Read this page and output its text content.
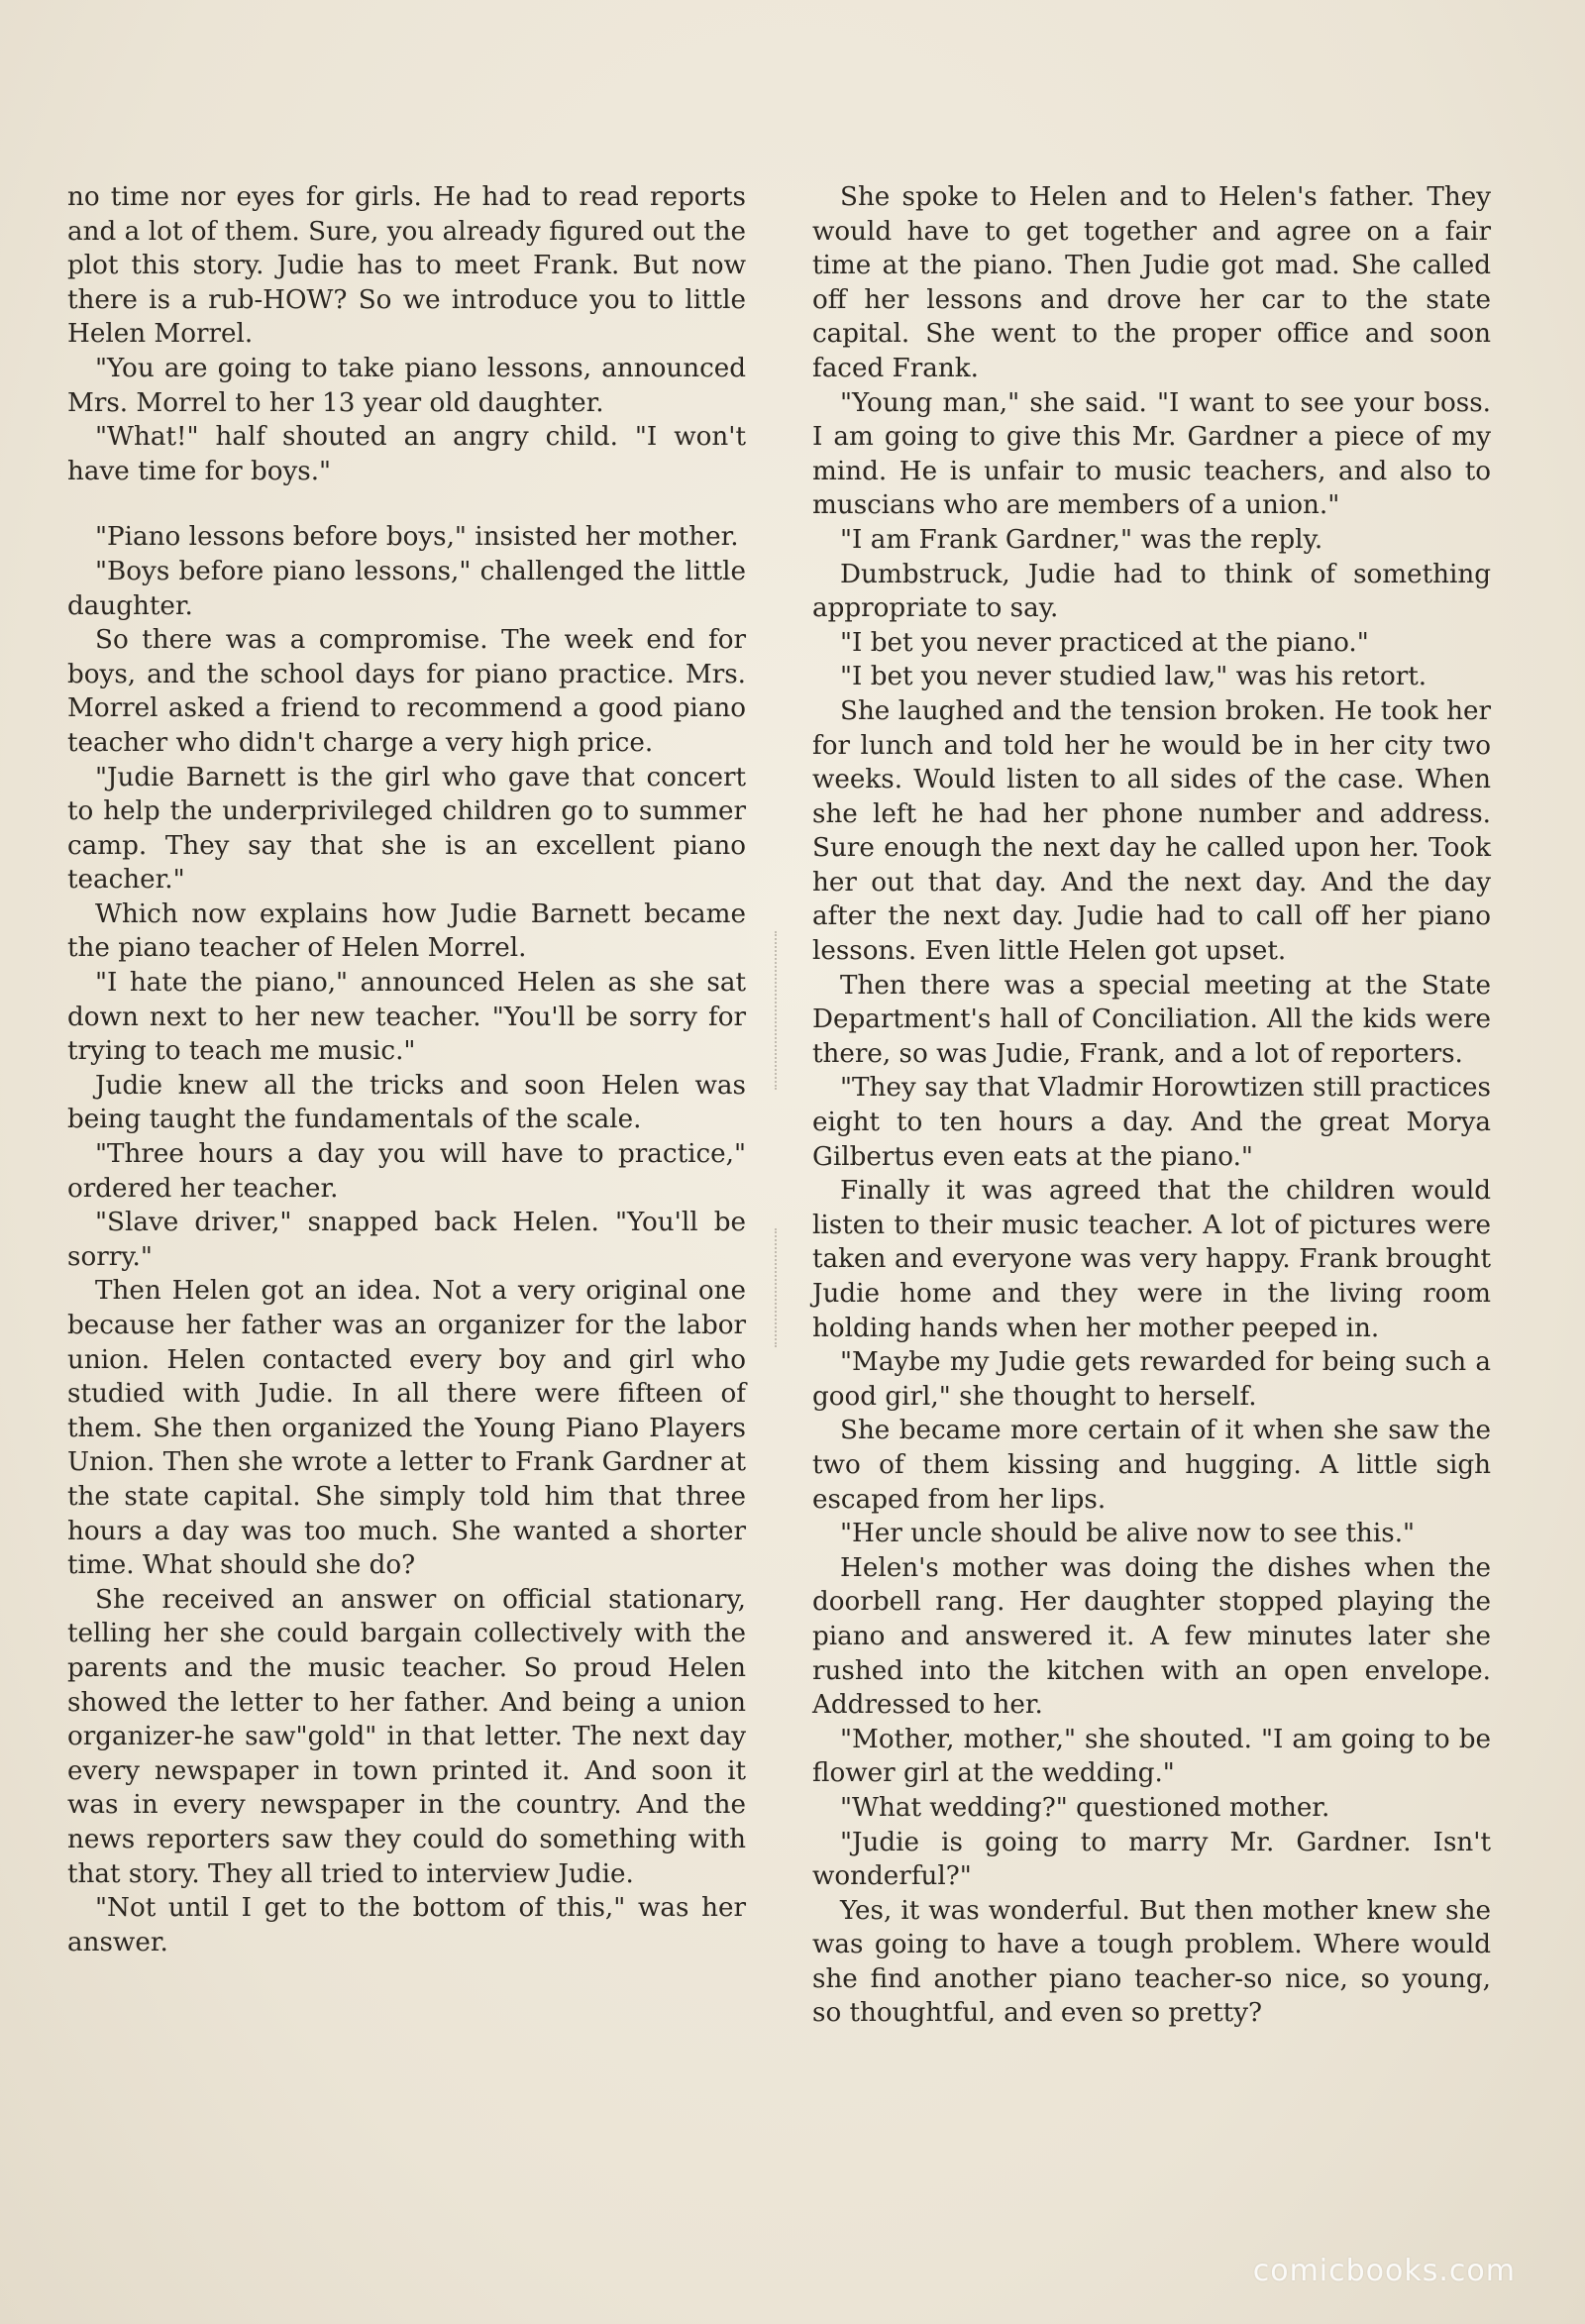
no time nor eyes for girls. He had to read reports and a lot of them. Sure, you already figured out the plot this story. Judie has to meet Frank. But now there is a rub-HOW? So we introduce you to little Helen Morrel.

"You are going to take piano lessons, announced Mrs. Morrel to her 13 year old daughter.

"What!" half shouted an angry child. "I won't have time for boys."

"Piano lessons before boys," insisted her mother.

"Boys before piano lessons," challenged the little daughter.

So there was a compromise. The week end for boys, and the school days for piano practice. Mrs. Morrel asked a friend to recommend a good piano teacher who didn't charge a very high price.

"Judie Barnett is the girl who gave that concert to help the underprivileged children go to summer camp. They say that she is an excellent piano teacher."

Which now explains how Judie Barnett became the piano teacher of Helen Morrel.

"I hate the piano," announced Helen as she sat down next to her new teacher. "You'll be sorry for trying to teach me music."

Judie knew all the tricks and soon Helen was being taught the fundamentals of the scale.

"Three hours a day you will have to practice," ordered her teacher.

"Slave driver," snapped back Helen. "You'll be sorry."

Then Helen got an idea. Not a very original one because her father was an organizer for the labor union. Helen contacted every boy and girl who studied with Judie. In all there were fifteen of them. She then organized the Young Piano Players Union. Then she wrote a letter to Frank Gardner at the state capital. She simply told him that three hours a day was too much. She wanted a shorter time. What should she do?

She received an answer on official stationary, telling her she could bargain collectively with the parents and the music teacher. So proud Helen showed the letter to her father. And being a union organizer-he saw"gold" in that letter. The next day every newspaper in town printed it. And soon it was in every newspaper in the country. And the news reporters saw they could do something with that story. They all tried to interview Judie.

"Not until I get to the bottom of this," was her answer.

She spoke to Helen and to Helen's father. They would have to get together and agree on a fair time at the piano. Then Judie got mad. She called off her lessons and drove her car to the state capital. She went to the proper office and soon faced Frank.

"Young man," she said. "I want to see your boss. I am going to give this Mr. Gardner a piece of my mind. He is unfair to music teachers, and also to muscians who are members of a union."

"I am Frank Gardner," was the reply.

Dumbstruck, Judie had to think of something appropriate to say.

"I bet you never practiced at the piano."

"I bet you never studied law," was his retort.

She laughed and the tension broken. He took her for lunch and told her he would be in her city two weeks. Would listen to all sides of the case. When she left he had her phone number and address. Sure enough the next day he called upon her. Took her out that day. And the next day. And the day after the next day. Judie had to call off her piano lessons. Even little Helen got upset.

Then there was a special meeting at the State Department's hall of Conciliation. All the kids were there, so was Judie, Frank, and a lot of reporters.

"They say that Vladmir Horowtizen still practices eight to ten hours a day. And the great Morya Gilbertus even eats at the piano."

Finally it was agreed that the children would listen to their music teacher. A lot of pictures were taken and everyone was very happy. Frank brought Judie home and they were in the living room holding hands when her mother peeped in.

"Maybe my Judie gets rewarded for being such a good girl," she thought to herself.

She became more certain of it when she saw the two of them kissing and hugging. A little sigh escaped from her lips.

"Her uncle should be alive now to see this."

Helen's mother was doing the dishes when the doorbell rang. Her daughter stopped playing the piano and answered it. A few minutes later she rushed into the kitchen with an open envelope. Addressed to her.

"Mother, mother," she shouted. "I am going to be flower girl at the wedding."

"What wedding?" questioned mother.

"Judie is going to marry Mr. Gardner. Isn't wonderful?"

Yes, it was wonderful. But then mother knew she was going to have a tough problem. Where would she find another piano teacher-so nice, so young, so thoughtful, and even so pretty?

comicbooks.com
